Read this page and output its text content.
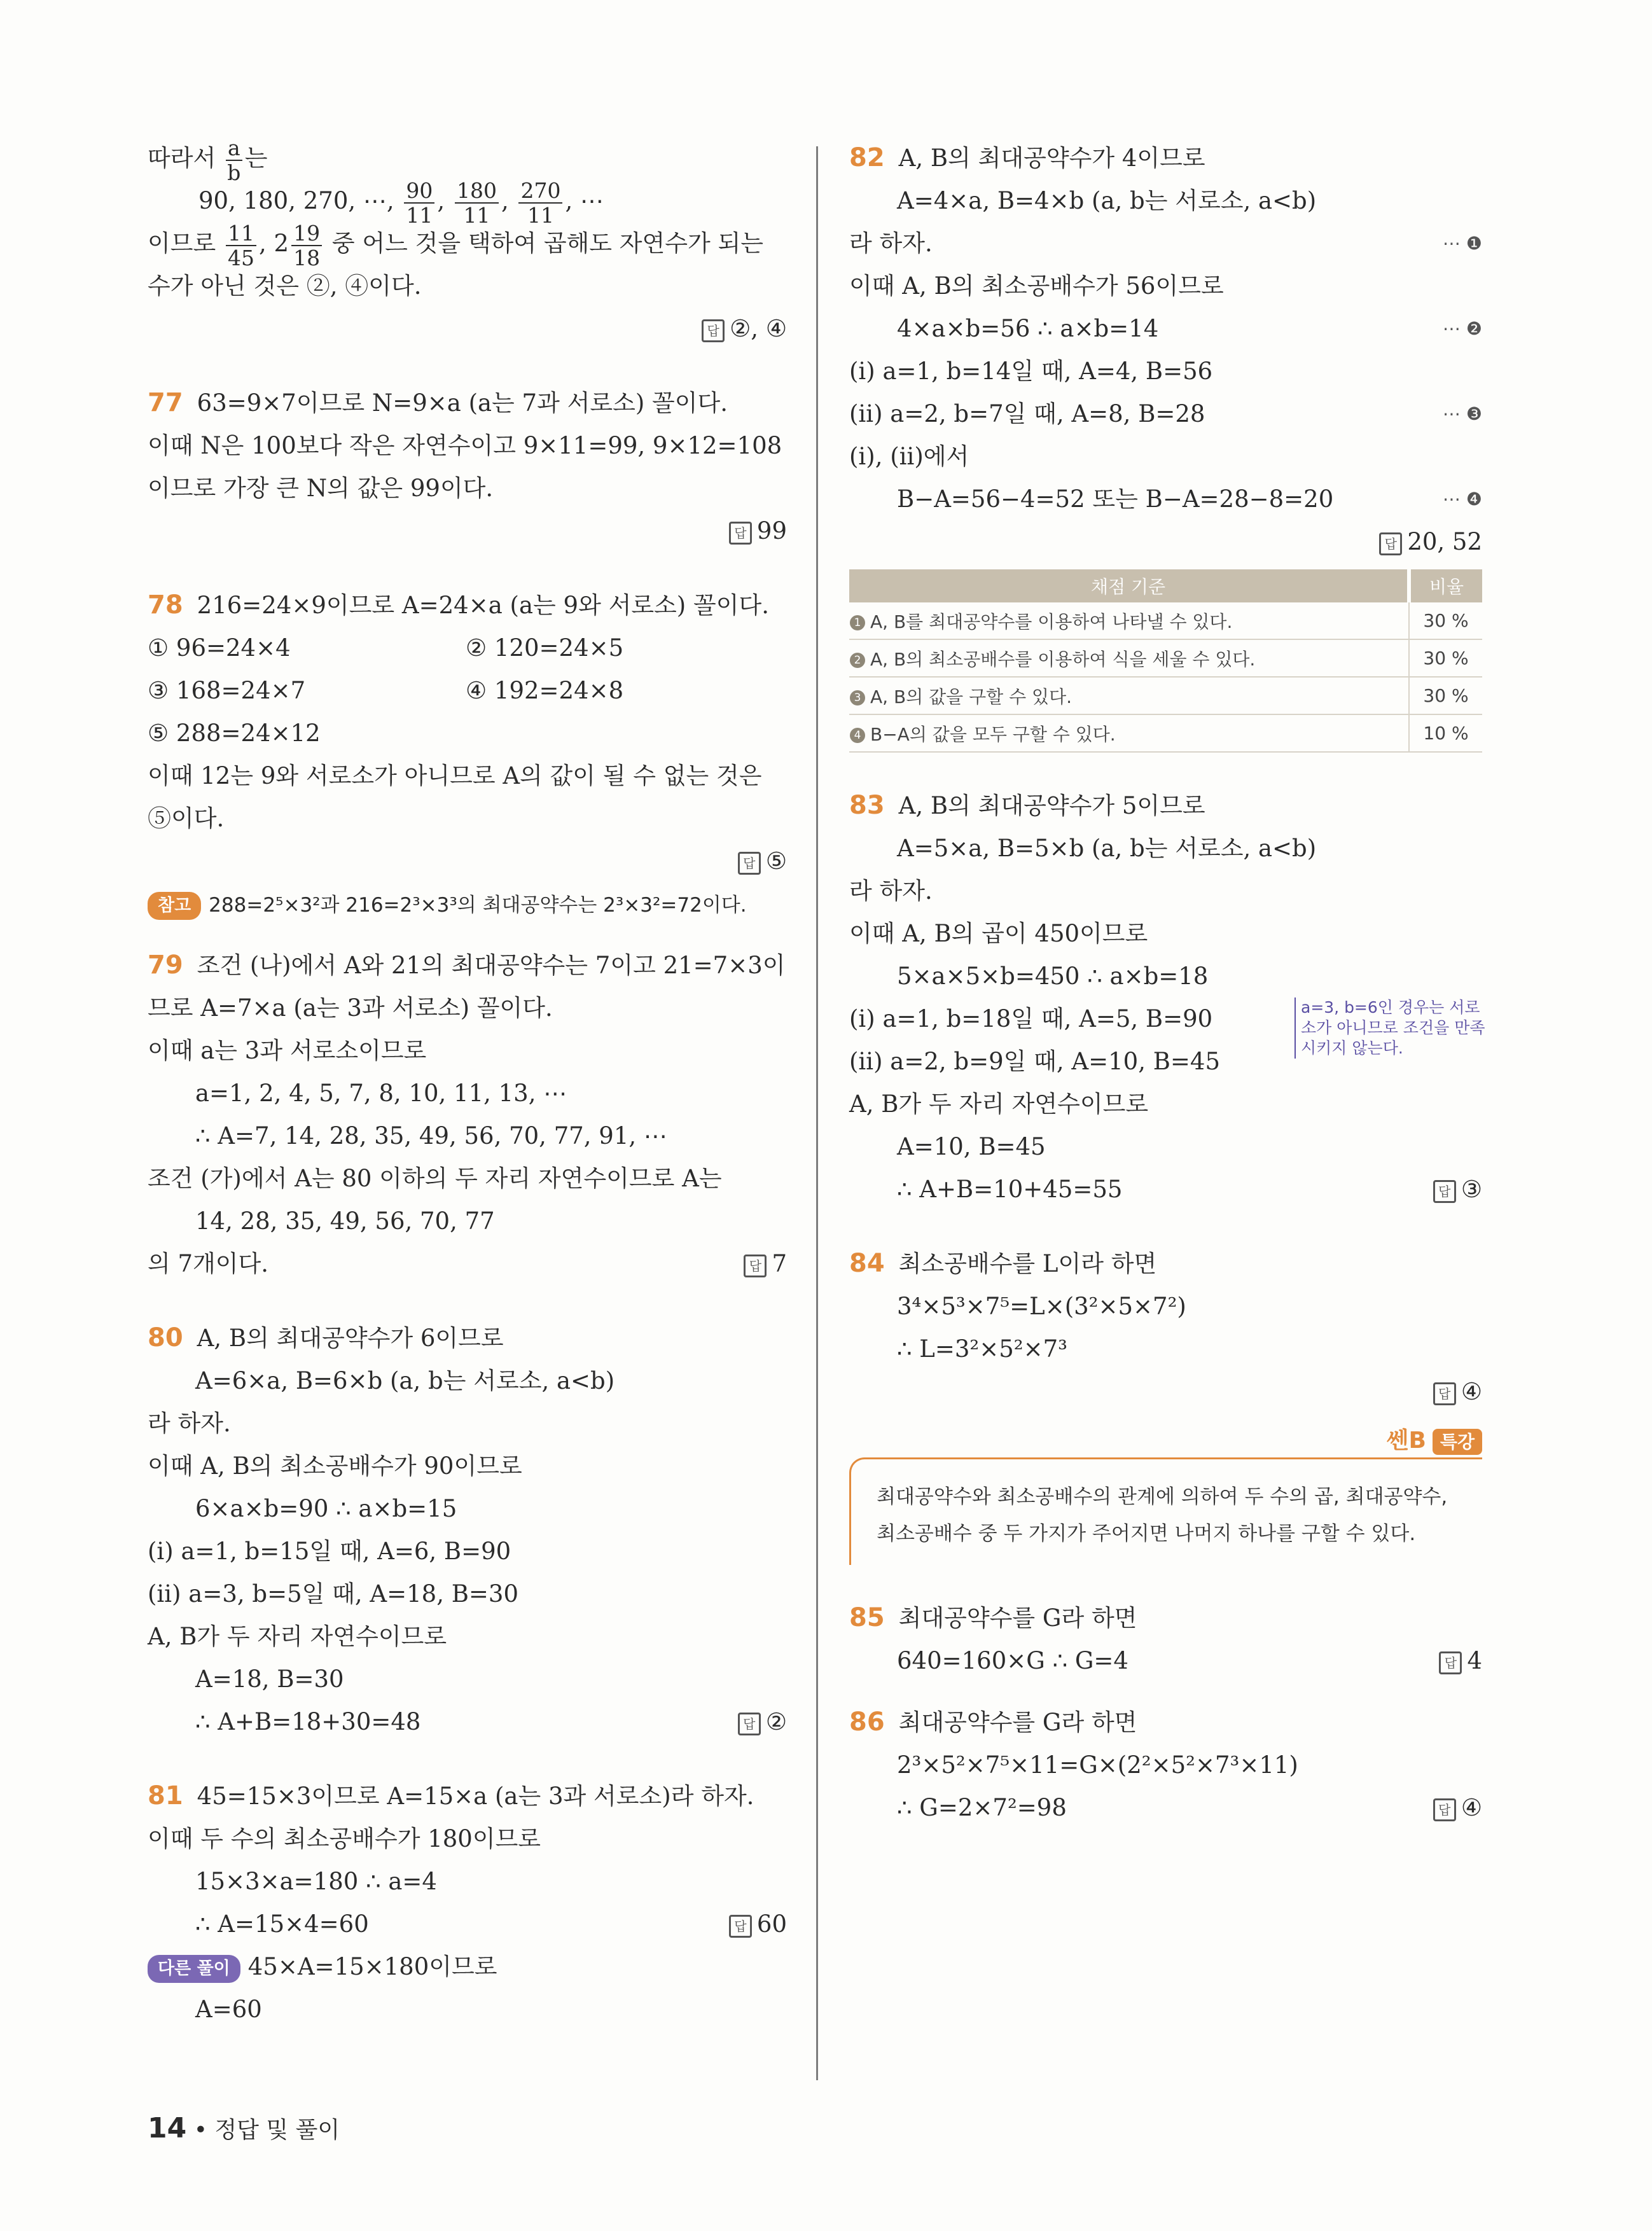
따라서 $\frac{a}{b}$ 는
90, 180, 270, ⋯, $\frac{90}{11}$ , $\frac{180}{11}$ , $\frac{270}{11}$ , ⋯
이므로 $\frac{11}{45}$ , $2 \frac{19}{18}$ 중 어느 것을 택하여 곱해도 자연수가 되는
수가 아닌 것은 ②, ④이다.
답 ②, ④
77 63=9×7이므로 N=9×a (a는 7과 서로소) 꼴이다.
이때 N은 100보다 작은 자연수이고 9×11=99, 9×12=108
이므로 가장 큰 N의 값은 99이다.
답 99
78 216=24×9이므로 A=24×a (a는 9와 서로소) 꼴이다.
① 96=24×4	② 120=24×5
③ 168=24×7	④ 192=24×8
⑤ 288=24×12
이때 12는 9와 서로소가 아니므로 A의 값이 될 수 없는 것은
⑤이다.
답 ⑤
참고 288=2⁵×3²과 216=2³×3³의 최대공약수는 2³×3²=72이다.
79 조건 (나)에서 A와 21의 최대공약수는 7이고 21=7×3이
므로 A=7×a (a는 3과 서로소) 꼴이다.
이때 a는 3과 서로소이므로
a=1, 2, 4, 5, 7, 8, 10, 11, 13, ⋯
∴ A=7, 14, 28, 35, 49, 56, 70, 77, 91, ⋯
조건 (가)에서 A는 80 이하의 두 자리 자연수이므로 A는
14, 28, 35, 49, 56, 70, 77
의 7개이다.	답 7
80 A, B의 최대공약수가 6이므로
A=6×a, B=6×b (a, b는 서로소, a<b)
라 하자.
이때 A, B의 최소공배수가 90이므로
6×a×b=90 ∴ a×b=15
(ⅰ) a=1, b=15일 때, A=6, B=90
(ⅱ) a=3, b=5일 때, A=18, B=30
A, B가 두 자리 자연수이므로
A=18, B=30
∴ A+B=18+30=48	답 ②
81 45=15×3이므로 A=15×a (a는 3과 서로소)라 하자.
이때 두 수의 최소공배수가 180이므로
15×3×a=180 ∴ a=4
∴ A=15×4=60	답 60
다른 풀이 45×A=15×180이므로
A=60
82 A, B의 최대공약수가 4이므로
A=4×a, B=4×b (a, b는 서로소, a<b)
라 하자.	⋯ ❶
이때 A, B의 최소공배수가 56이므로
4×a×b=56 ∴ a×b=14	⋯ ❷
(ⅰ) a=1, b=14일 때, A=4, B=56
(ⅱ) a=2, b=7일 때, A=8, B=28	⋯ ❸
(ⅰ), (ⅱ)에서
B−A=56−4=52 또는 B−A=28−8=20	⋯ ❹
답 20, 52
채점 기준	비율
1 A, B를 최대공약수를 이용하여 나타낼 수 있다.	30 %
2 A, B의 최소공배수를 이용하여 식을 세울 수 있다.	30 %
3 A, B의 값을 구할 수 있다.	30 %
4 B−A의 값을 모두 구할 수 있다.	10 %
83 A, B의 최대공약수가 5이므로
A=5×a, B=5×b (a, b는 서로소, a<b)
라 하자.
이때 A, B의 곱이 450이므로
5×a×5×b=450 ∴ a×b=18
(ⅰ) a=1, b=18일 때, A=5, B=90	a=3, b=6인 경우는 서로소가 아니므로 조건을 만족시키지 않는다.
(ⅱ) a=2, b=9일 때, A=10, B=45
A, B가 두 자리 자연수이므로
A=10, B=45
∴ A+B=10+45=55	답 ③
84 최소공배수를 L이라 하면
3⁴×5³×7⁵=L×(3²×5×7²)
∴ L=3²×5²×7³
답 ④
쎈B 특강
최대공약수와 최소공배수의 관계에 의하여 두 수의 곱, 최대공약수,
최소공배수 중 두 가지가 주어지면 나머지 하나를 구할 수 있다.
85 최대공약수를 G라 하면
640=160×G ∴ G=4	답 4
86 최대공약수를 G라 하면
2³×5²×7⁵×11=G×(2²×5²×7³×11)
∴ G=2×7²=98	답 ④
14 • 정답 및 풀이
